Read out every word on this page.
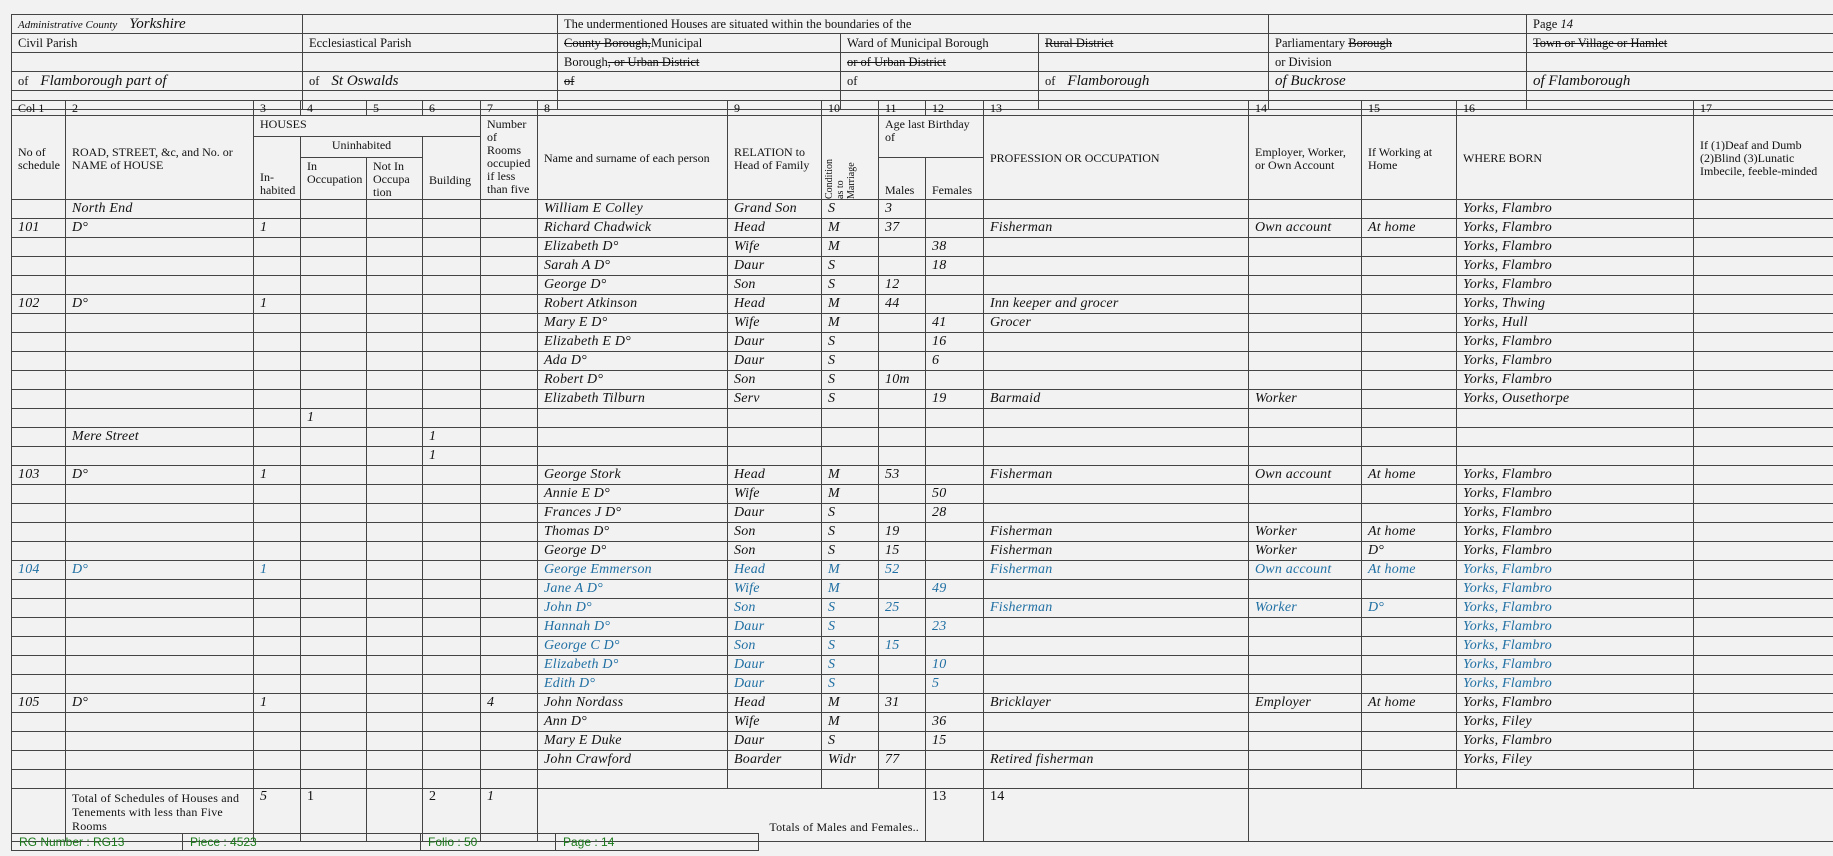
Administrative County Yorkshire		The undermentioned Houses are situated within the boundaries of the				Page 14
Civil Parish	Ecclesiastical Parish	County Borough,Municipal	Ward of Municipal Borough	Rural District	Parliamentary Borough	Town or Village or Hamlet
		Borough, or Urban District	or of Urban District		or Division	
of Flamborough part of	of St Oswalds	of	of	of Flamborough	of Buckrose	of Flamborough

Col 1	2	3	4	5	6	7	8	9	10	11	12	13	14	15	16	17
No of schedule	ROAD, STREET, &c, and No. or NAME of HOUSE	HOUSES				Number of Rooms occupied if less than five	Name and surname of each person	RELATION to Head of Family	Condition as to Marriage	Age last Birthday of		PROFESSION OR OCCUPATION	Employer, Worker, or Own Account	If Working at Home	WHERE BORN	If (1)Deaf and Dumb (2)Blind (3)Lunatic Imbecile, feeble-minded
		In- habited	Uninhabited		Building											
			In Occupation	Not In Occupa tion						Males	Females					
	North End						William E Colley	Grand Son	S	3					Yorks, Flambro	
101	D°	1					Richard Chadwick	Head	M	37		Fisherman	Own account	At home	Yorks, Flambro	
							Elizabeth D°	Wife	M		38				Yorks, Flambro	
							Sarah A D°	Daur	S		18				Yorks, Flambro	
							George D°	Son	S	12					Yorks, Flambro	
102	D°	1					Robert Atkinson	Head	M	44		Inn keeper and grocer			Yorks, Thwing	
							Mary E D°	Wife	M		41	Grocer			Yorks, Hull	
							Elizabeth E D°	Daur	S		16				Yorks, Flambro	
							Ada D°	Daur	S		6				Yorks, Flambro	
							Robert D°	Son	S	10m					Yorks, Flambro	
							Elizabeth Tilburn	Serv	S		19	Barmaid	Worker		Yorks, Ousethorpe	
			1													
	Mere Street				1											
					1											
103	D°	1					George Stork	Head	M	53		Fisherman	Own account	At home	Yorks, Flambro	
							Annie E D°	Wife	M		50				Yorks, Flambro	
							Frances J D°	Daur	S		28				Yorks, Flambro	
							Thomas D°	Son	S	19		Fisherman	Worker	At home	Yorks, Flambro	
							George D°	Son	S	15		Fisherman	Worker	D°	Yorks, Flambro	
104	D°	1					George Emmerson	Head	M	52		Fisherman	Own account	At home	Yorks, Flambro	
							Jane A D°	Wife	M		49				Yorks, Flambro	
							John D°	Son	S	25		Fisherman	Worker	D°	Yorks, Flambro	
							Hannah D°	Daur	S		23				Yorks, Flambro	
							George C D°	Son	S	15					Yorks, Flambro	
							Elizabeth D°	Daur	S		10				Yorks, Flambro	
							Edith D°	Daur	S		5				Yorks, Flambro	
105	D°	1				4	John Nordass	Head	M	31		Bricklayer	Employer	At home	Yorks, Flambro	
							Ann D°	Wife	M		36				Yorks, Filey	
							Mary E Duke	Daur	S		15				Yorks, Flambro	
							John Crawford	Boarder	Widr	77		Retired fisherman			Yorks, Filey	

	Total of Schedules of Houses and Tenements with less than Five Rooms	5	1		2	1	Totals of Males and Females..				13	14				
RG Number : RG13	Piece : 4523	Folio : 50	Page : 14
